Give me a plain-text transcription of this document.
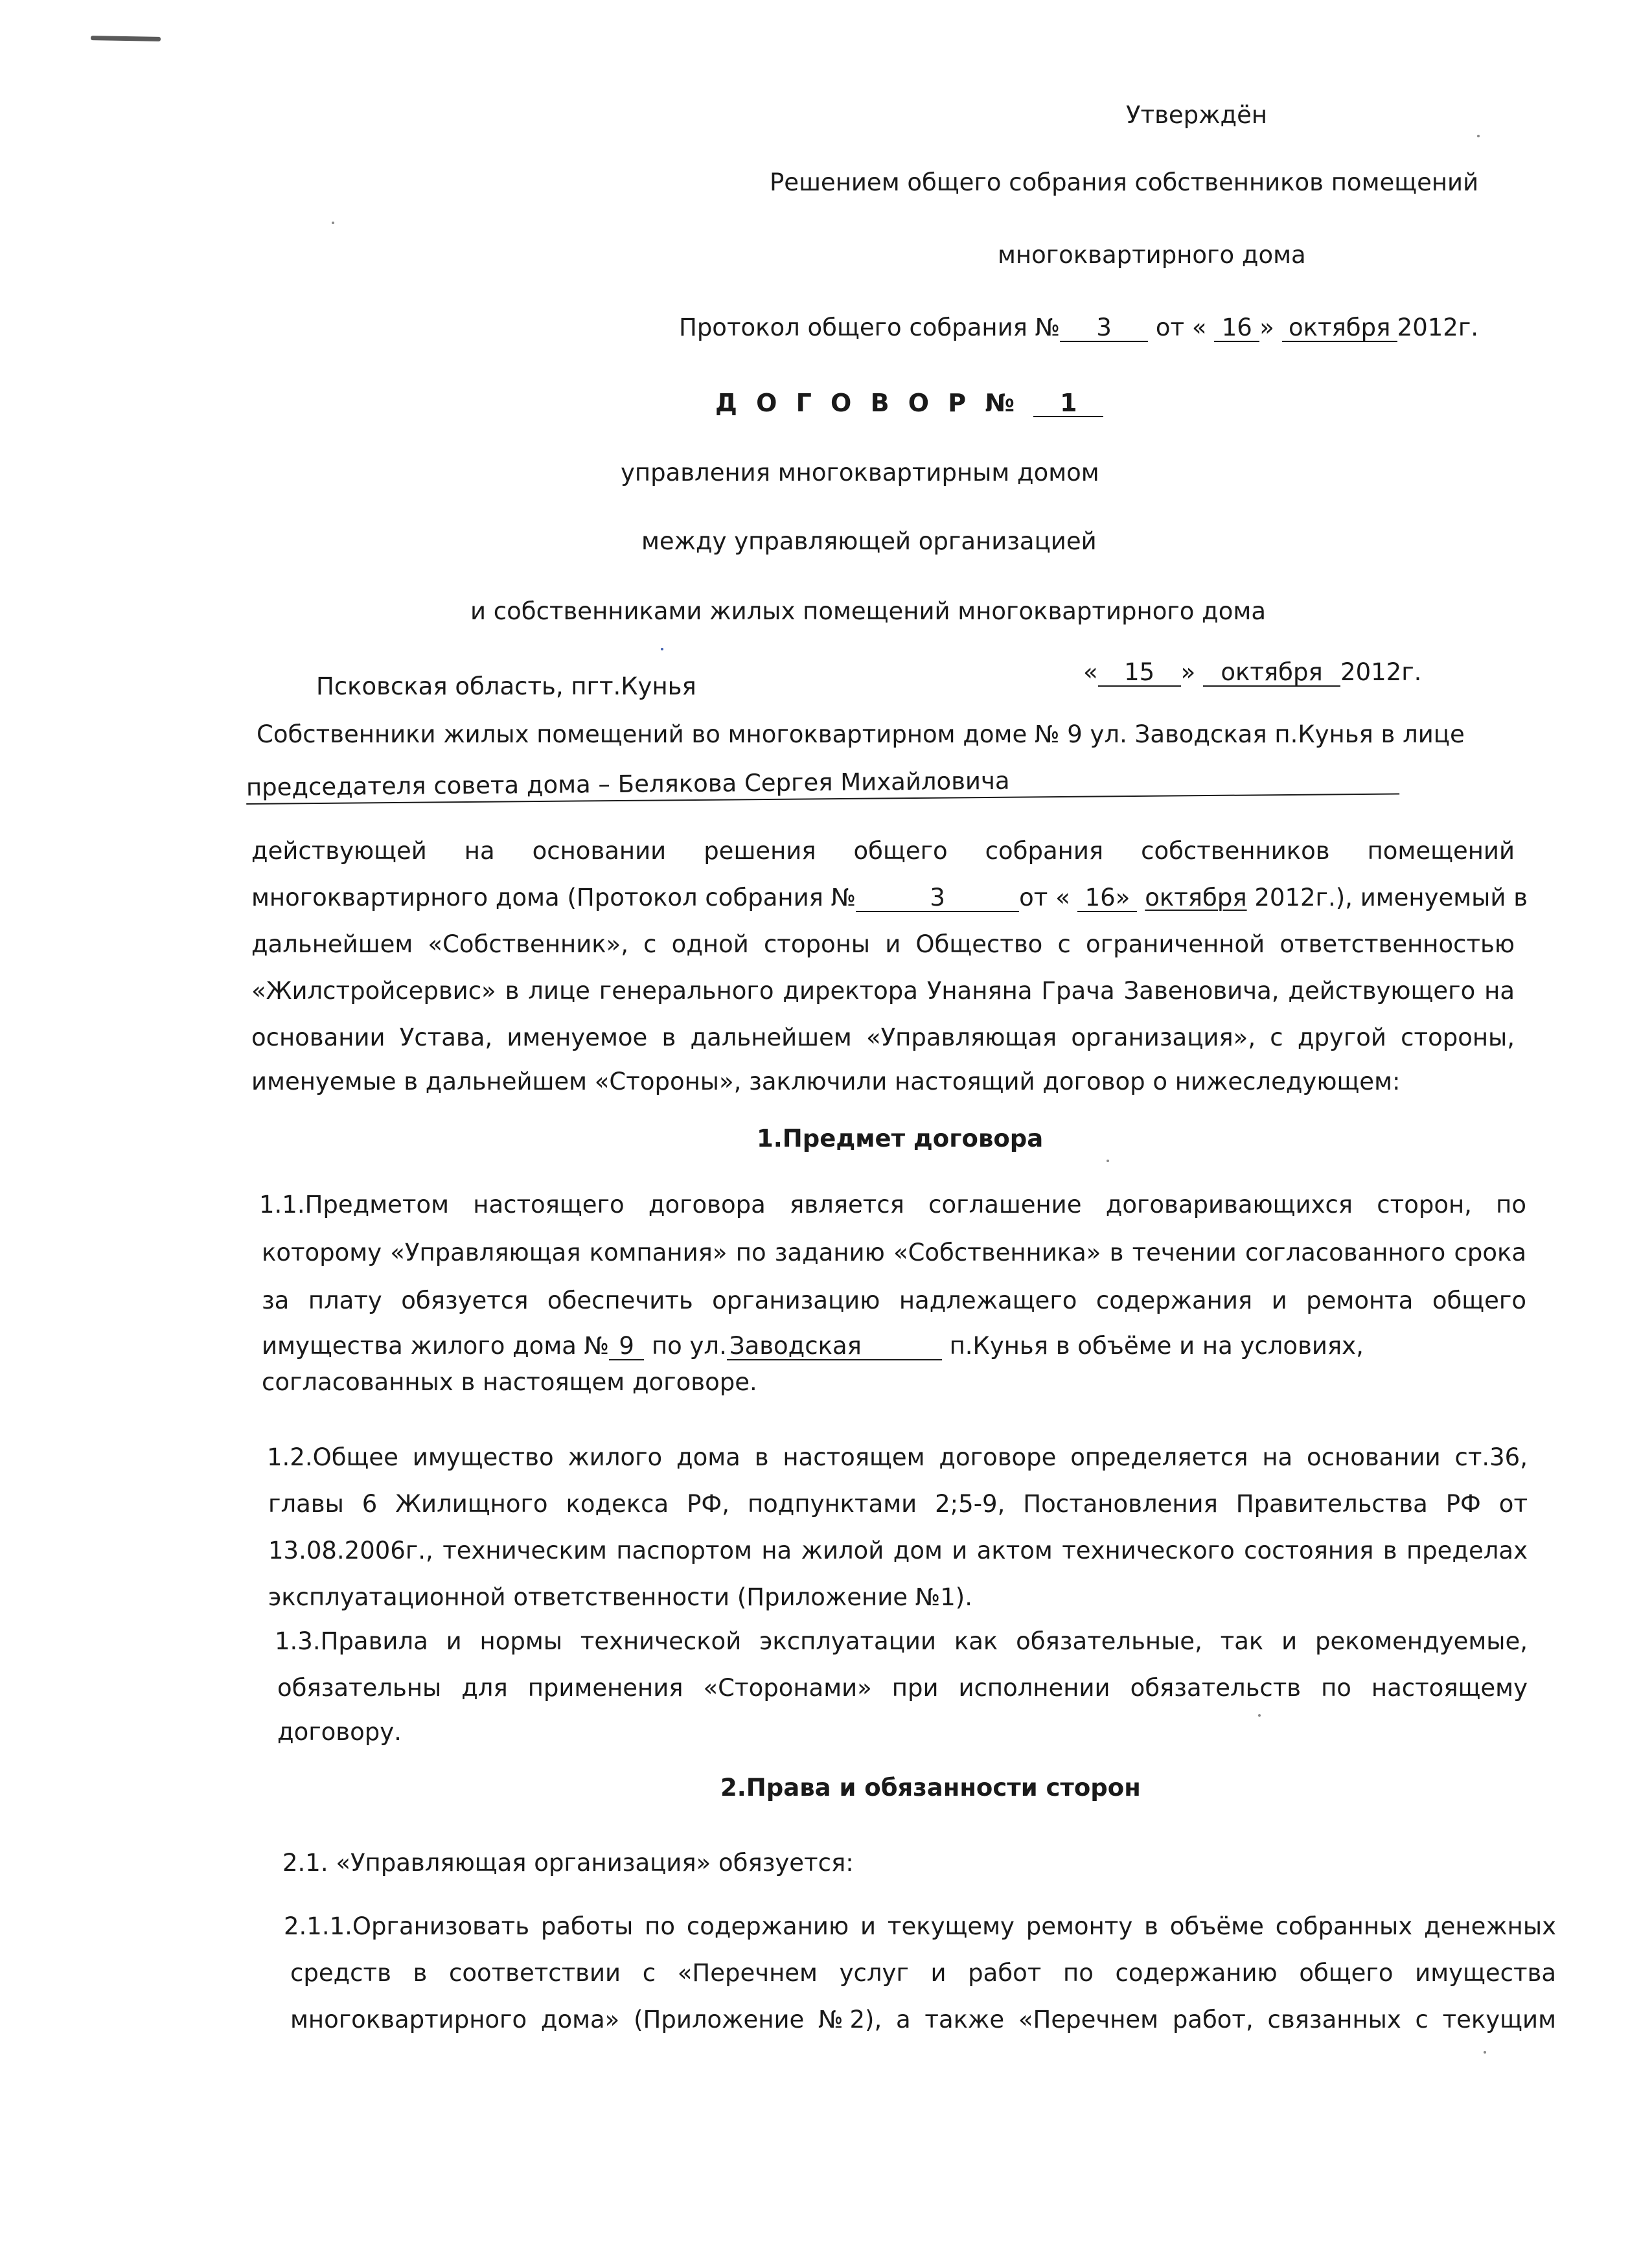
Утверждён
Решением общего собрания собственников помещений
многоквартирного дома
Протокол общего собрания № 3 от « 16 » октября 2012г.
Д О Г О В О Р № 1
управления многоквартирным домом
между управляющей организацией
и собственниками жилых помещений многоквартирного дома
Псковская область, пгт.Кунья
« 15 » октября 2012г.
Собственники жилых помещений во многоквартирном доме № 9 ул. Заводская п.Кунья в лице
председателя совета дома – Белякова Сергея Михайловича
действующей на основании решения общего собрания собственников помещений
многоквартирного дома (Протокол собрания №	3	от « 16» октября 2012г.), именуемый в
дальнейшем «Собственник», с одной стороны и Общество с ограниченной ответственностью
«Жилстройсервис» в лице генерального директора Унаняна Грача Завеновича, действующего на
основании Устава, именуемое в дальнейшем «Управляющая организация», с другой стороны,
именуемые в дальнейшем «Стороны», заключили настоящий договор о нижеследующем:
1.Предмет договора
1.1.Предметом настоящего договора является соглашение договаривающихся сторон, по
которому «Управляющая компания» по заданию «Собственника» в течении согласованного срока
за плату обязуется обеспечить организацию надлежащего содержания и ремонта общего
имущества жилого дома № 9 по ул. Заводская	п.Кунья в объёме и на условиях,
согласованных в настоящем договоре.
1.2.Общее имущество жилого дома в настоящем договоре определяется на основании ст.36,
главы 6 Жилищного кодекса РФ, подпунктами 2;5-9, Постановления Правительства РФ от
13.08.2006г., техническим паспортом на жилой дом и актом технического состояния в пределах
эксплуатационной ответственности (Приложение №1).
1.3.Правила и нормы технической эксплуатации как обязательные, так и рекомендуемые,
обязательны для применения «Сторонами» при исполнении обязательств по настоящему
договору.
2.Права и обязанности сторон
2.1. «Управляющая организация» обязуется:
2.1.1.Организовать работы по содержанию и текущему ремонту в объёме собранных денежных
средств в соответствии с «Перечнем услуг и работ по содержанию общего имущества
многоквартирного дома» (Приложение №2), а также «Перечнем работ, связанных с текущим
